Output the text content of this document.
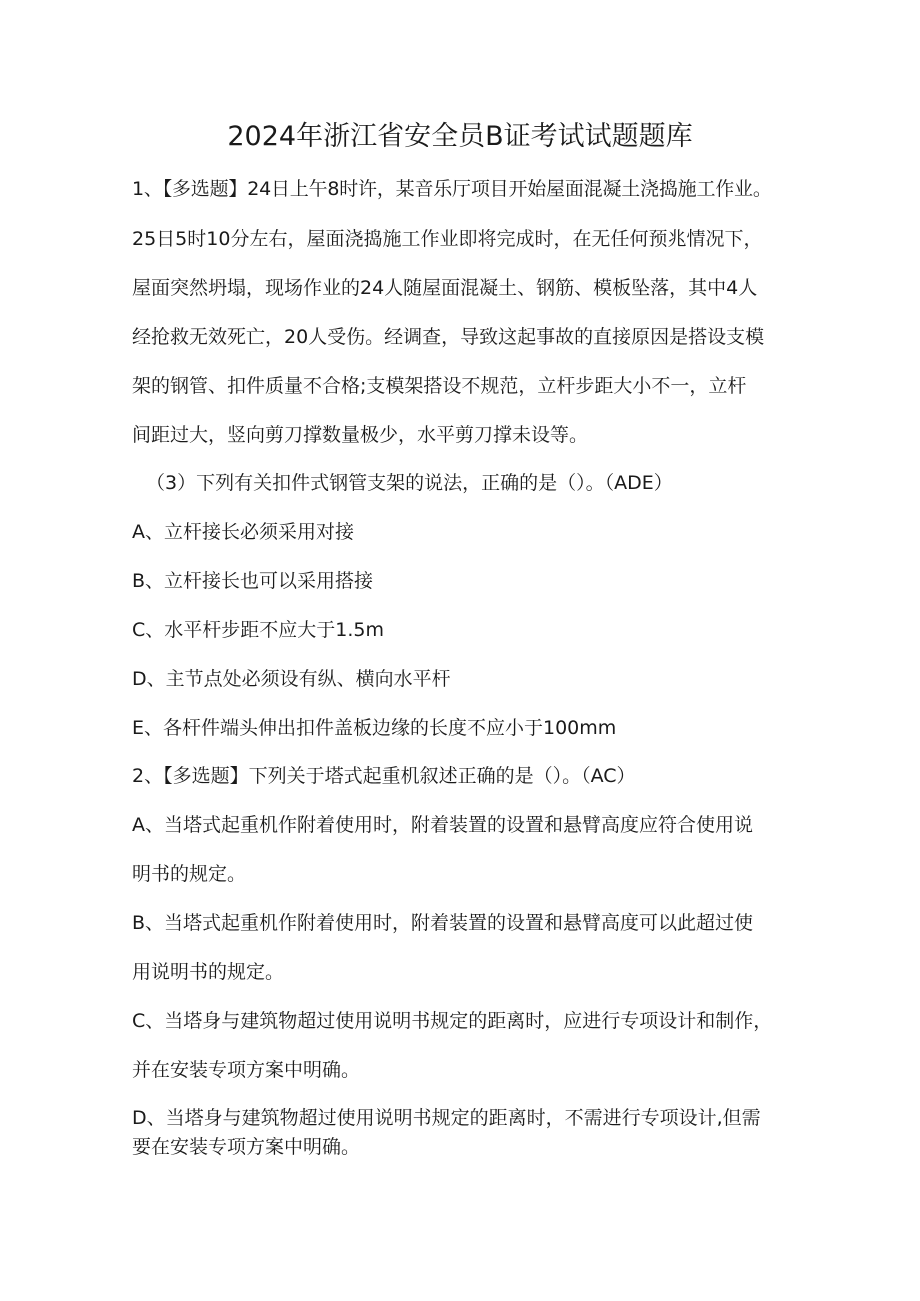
2024年浙江省安全员B证考试试题题库

1、【多选题】24日上午8时许，某音乐厅项目开始屋面混凝土浇捣施工作业。

25日5时10分左右，屋面浇捣施工作业即将完成时，在无任何预兆情况下，

屋面突然坍塌，现场作业的24人随屋面混凝土、钢筋、模板坠落，其中4人

经抢救无效死亡，20人受伤。经调查，导致这起事故的直接原因是搭设支模

架的钢管、扣件质量不合格;支模架搭设不规范，立杆步距大小不一，立杆

间距过大，竖向剪刀撑数量极少，水平剪刀撑未设等。

（3）下列有关扣件式钢管支架的说法，正确的是（）。（ADE）

A、立杆接长必须采用对接

B、立杆接长也可以采用搭接

C、水平杆步距不应大于1.5m

D、主节点处必须设有纵、横向水平杆

E、各杆件端头伸出扣件盖板边缘的长度不应小于100mm

2、【多选题】下列关于塔式起重机叙述正确的是（）。（AC）

A、当塔式起重机作附着使用时，附着装置的设置和悬臂高度应符合使用说

明书的规定。

B、当塔式起重机作附着使用时，附着装置的设置和悬臂高度可以此超过使

用说明书的规定。

C、当塔身与建筑物超过使用说明书规定的距离时，应进行专项设计和制作，

并在安装专项方案中明确。

D、当塔身与建筑物超过使用说明书规定的距离时，不需进行专项设计,但需

要在安装专项方案中明确。
